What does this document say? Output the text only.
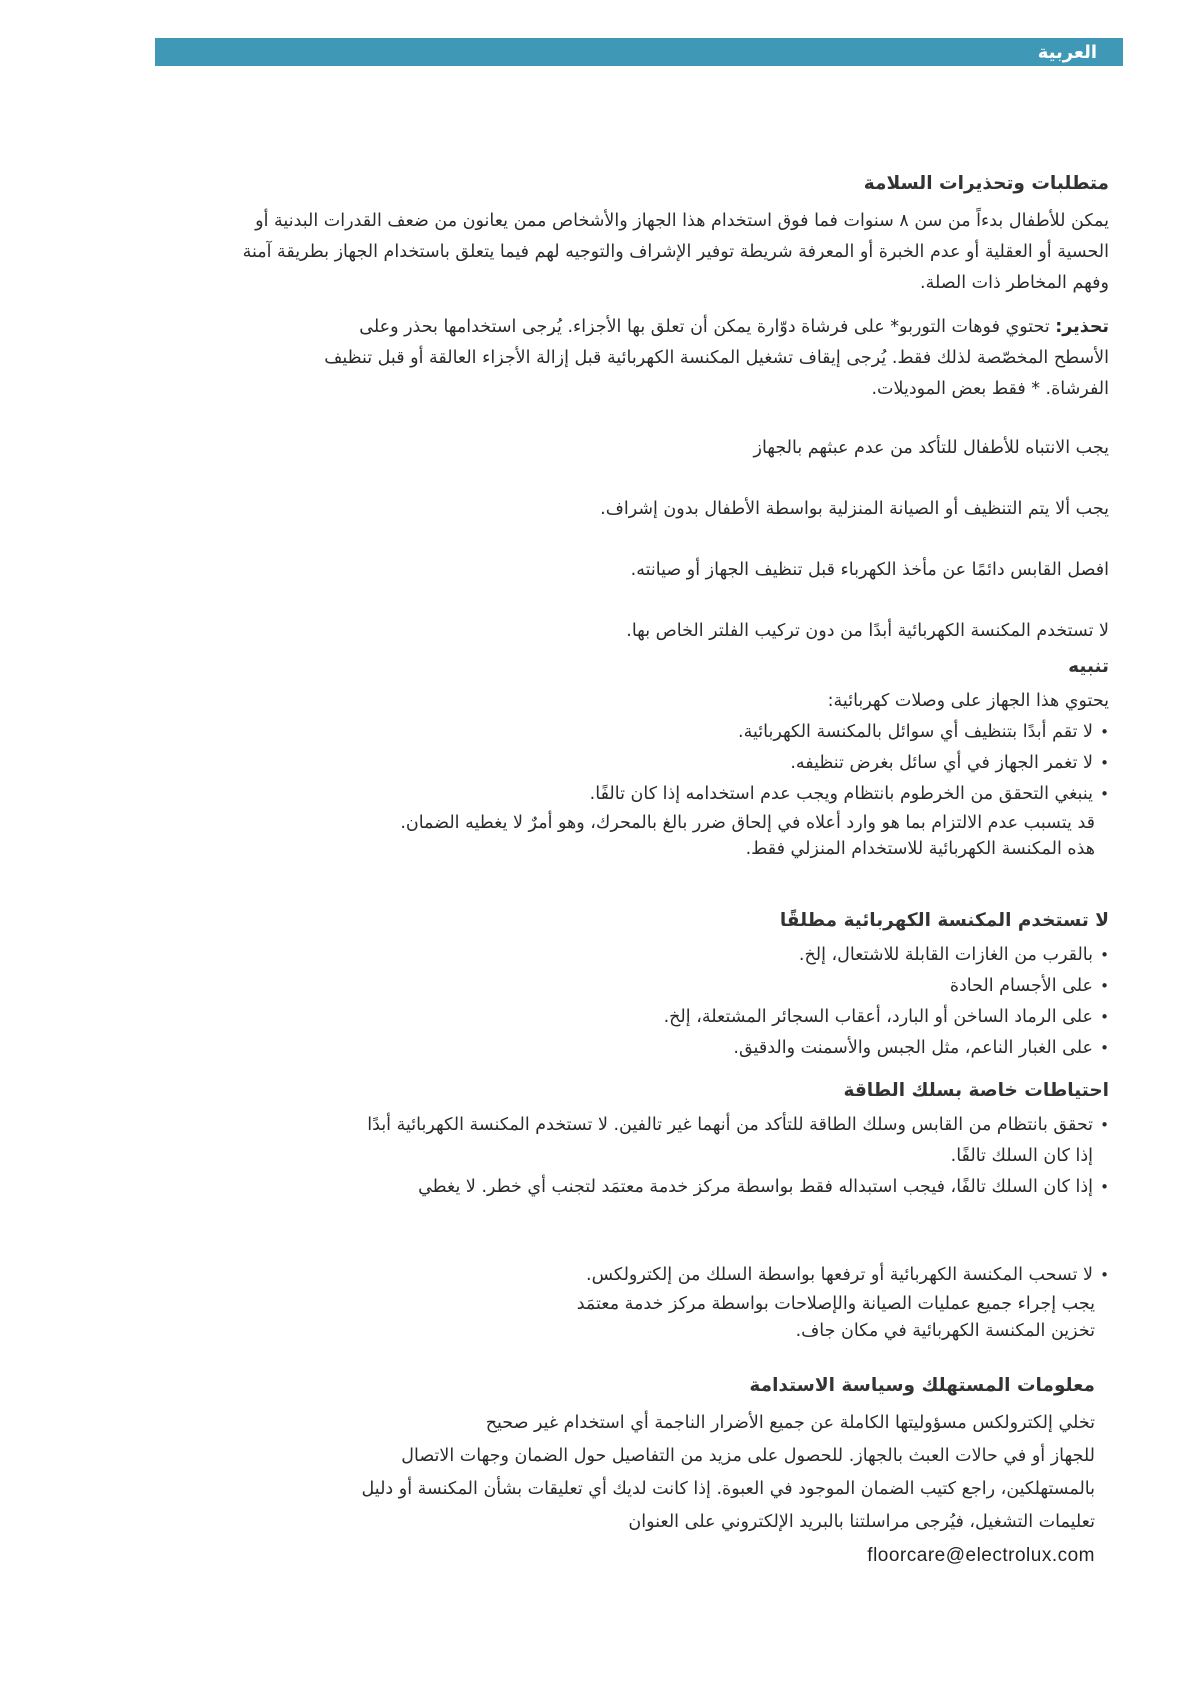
العربية
متطلبات وتحذيرات السلامة

يمكن للأطفال بدءاً من سن ٨ سنوات فما فوق استخدام هذا الجهاز والأشخاص ممن يعانون من ضعف القدرات البدنية أو الحسية أو العقلية أو عدم الخبرة أو المعرفة شريطة توفير الإشراف والتوجيه لهم فيما يتعلق باستخدام الجهاز بطريقة آمنة وفهم المخاطر ذات الصلة.

تحذير: تحتوي فوهات التوربو* على فرشاة دوّارة يمكن أن تعلق بها الأجزاء. يُرجى استخدامها بحذر وعلى الأسطح المخصّصة لذلك فقط. يُرجى إيقاف تشغيل المكنسة الكهربائية قبل إزالة الأجزاء العالقة أو قبل تنظيف الفرشاة. * فقط بعض الموديلات.

يجب الانتباه للأطفال للتأكد من عدم عبثهم بالجهاز

يجب ألا يتم التنظيف أو الصيانة المنزلية بواسطة الأطفال بدون إشراف.

افصل القابس دائمًا عن مأخذ الكهرباء قبل تنظيف الجهاز أو صيانته.

لا تستخدم المكنسة الكهربائية أبدًا من دون تركيب الفلتر الخاص بها.

تنبيه

يحتوي هذا الجهاز على وصلات كهربائية:

• لا تقم أبدًا بتنظيف أي سوائل بالمكنسة الكهربائية.
• لا تغمر الجهاز في أي سائل بغرض تنظيفه.
• ينبغي التحقق من الخرطوم بانتظام ويجب عدم استخدامه إذا كان تالفًا.

قد يتسبب عدم الالتزام بما هو وارد أعلاه في إلحاق ضرر بالغ بالمحرك، وهو أمرٌ لا يغطيه الضمان.

هذه المكنسة الكهربائية للاستخدام المنزلي فقط.

لا تستخدم المكنسة الكهربائية مطلقًا
• بالقرب من الغازات القابلة للاشتعال، إلخ.
• على الأجسام الحادة
• على الرماد الساخن أو البارد، أعقاب السجائر المشتعلة، إلخ.
• على الغبار الناعم، مثل الجبس والأسمنت والدقيق.
احتياطات خاصة بسلك الطاقة
• تحقق بانتظام من القابس وسلك الطاقة للتأكد من أنهما غير تالفين. لا تستخدم المكنسة الكهربائية أبدًا
إذا كان السلك تالفًا.
• إذا كان السلك تالفًا، فيجب استبداله فقط بواسطة مركز خدمة معتمَد لتجنب أي خطر. لا يغطي
• لا تسحب المكنسة الكهربائية أو ترفعها بواسطة السلك من إلكترولكس.

يجب إجراء جميع عمليات الصيانة والإصلاحات بواسطة مركز خدمة معتمَد

تخزين المكنسة الكهربائية في مكان جاف.

معلومات المستهلك وسياسة الاستدامة

تخلي إلكترولكس مسؤوليتها الكاملة عن جميع الأضرار الناجمة أي استخدام غير صحيح

للجهاز أو في حالات العبث بالجهاز. للحصول على مزيد من التفاصيل حول الضمان وجهات الاتصال

بالمستهلكين، راجع كتيب الضمان الموجود في العبوة. إذا كانت لديك أي تعليقات بشأن المكنسة أو دليل

تعليمات التشغيل، فيُرجى مراسلتنا بالبريد الإلكتروني على العنوان

floorcare@electrolux.com
